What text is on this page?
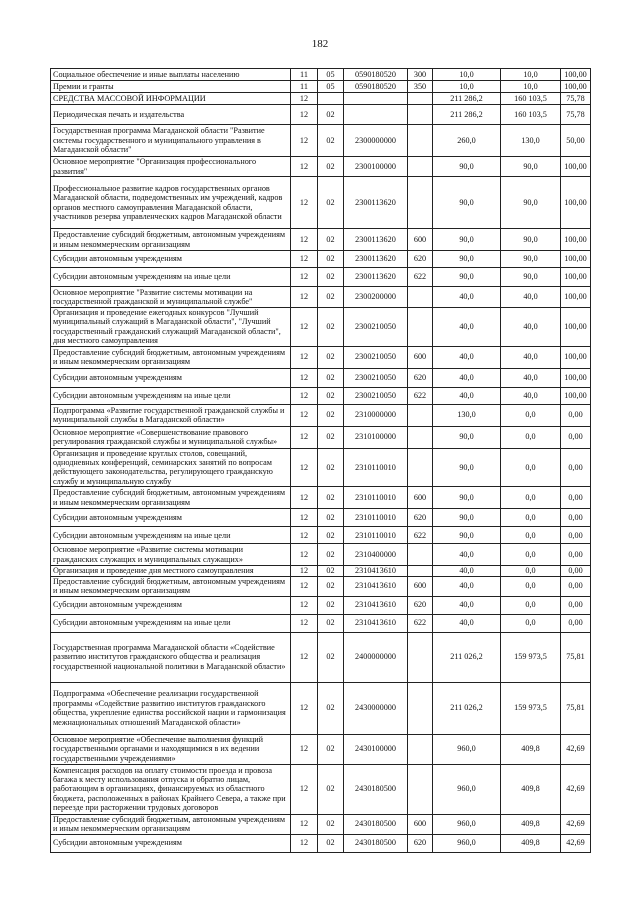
182
Социальное обеспечение и иные выплаты населению	11	05	0590180520	300	10,0	10,0	100,00
Премии и гранты	11	05	0590180520	350	10,0	10,0	100,00
СРЕДСТВА МАССОВОЙ ИНФОРМАЦИИ	12				211 286,2	160 103,5	75,78
Периодическая печать и издательства	12	02			211 286,2	160 103,5	75,78
Государственная программа Магаданской области "Развитие системы государственного и муниципального управления в Магаданской области"	12	02	2300000000		260,0	130,0	50,00
Основное мероприятие "Организация профессионального развития"	12	02	2300100000		90,0	90,0	100,00
Профессиональное развитие кадров государственных органов Магаданской области, подведомственных им учреждений, кадров органов местного самоуправления Магаданской области, участников резерва управленческих кадров Магаданской области	12	02	2300113620		90,0	90,0	100,00
Предоставление субсидий бюджетным, автономным учреждениям и иным некоммерческим организациям	12	02	2300113620	600	90,0	90,0	100,00
Субсидии автономным учреждениям	12	02	2300113620	620	90,0	90,0	100,00
Субсидии автономным учреждениям на иные цели	12	02	2300113620	622	90,0	90,0	100,00
Основное мероприятие "Развитие системы мотивации на государственной гражданской и муниципальной службе"	12	02	2300200000		40,0	40,0	100,00
Организация и проведение ежегодных конкурсов "Лучший муниципальный служащий в Магаданской области", "Лучший государственный гражданский служащий Магаданской области", дня местного самоуправления	12	02	2300210050		40,0	40,0	100,00
Предоставление субсидий бюджетным, автономным учреждениям и иным некоммерческим организациям	12	02	2300210050	600	40,0	40,0	100,00
Субсидии автономным учреждениям	12	02	2300210050	620	40,0	40,0	100,00
Субсидии автономным учреждениям на иные цели	12	02	2300210050	622	40,0	40,0	100,00
Подпрограмма «Развитие государственной гражданской службы и муниципальной службы в Магаданской области»	12	02	2310000000		130,0	0,0	0,00
Основное мероприятие «Совершенствование правового регулирования гражданской службы и муниципальной службы»	12	02	2310100000		90,0	0,0	0,00
Организация и проведение круглых столов, совещаний, однодневных конференций, семинарских занятий по вопросам действующего законодательства, регулирующего гражданскую службу и муниципальную службу	12	02	2310110010		90,0	0,0	0,00
Предоставление субсидий бюджетным, автономным учреждениям и иным некоммерческим организациям	12	02	2310110010	600	90,0	0,0	0,00
Субсидии автономным учреждениям	12	02	2310110010	620	90,0	0,0	0,00
Субсидии автономным учреждениям на иные цели	12	02	2310110010	622	90,0	0,0	0,00
Основное мероприятие «Развитие системы мотивации гражданских служащих и муниципальных служащих»	12	02	2310400000		40,0	0,0	0,00
Организация и проведение дня местного самоуправления	12	02	2310413610		40,0	0,0	0,00
Предоставление субсидий бюджетным, автономным учреждениям и иным некоммерческим организациям	12	02	2310413610	600	40,0	0,0	0,00
Субсидии автономным учреждениям	12	02	2310413610	620	40,0	0,0	0,00
Субсидии автономным учреждениям на иные цели	12	02	2310413610	622	40,0	0,0	0,00
Государственная программа Магаданской области «Содействие развитию институтов гражданского общества и реализация государственной национальной политики в Магаданской области»	12	02	2400000000		211 026,2	159 973,5	75,81
Подпрограмма «Обеспечение реализации государственной программы «Содействие развитию институтов гражданского общества, укрепление единства российской нации и гармонизация межнациональных отношений Магаданской области»	12	02	2430000000		211 026,2	159 973,5	75,81
Основное мероприятие «Обеспечение выполнения функций государственными органами и находящимися в их ведении государственными учреждениями»	12	02	2430100000		960,0	409,8	42,69
Компенсация расходов на оплату стоимости проезда и провоза багажа к месту использования отпуска и обратно лицам, работающим в организациях, финансируемых из областного бюджета, расположенных в районах Крайнего Севера, а также при переезде при расторжении трудовых договоров	12	02	2430180500		960,0	409,8	42,69
Предоставление субсидий бюджетным, автономным учреждениям и иным некоммерческим организациям	12	02	2430180500	600	960,0	409,8	42,69
Субсидии автономным учреждениям	12	02	2430180500	620	960,0	409,8	42,69
